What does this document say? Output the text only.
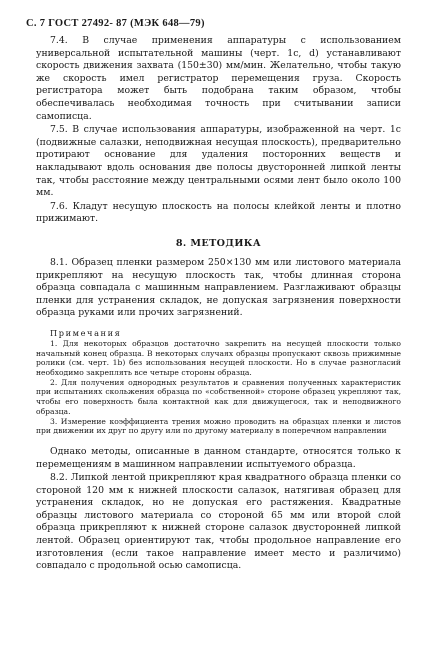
С. 7 ГОСТ 27492- 87 (МЭК 648—79)

7.4. В случае применения аппаратуры с использованием универсальной испытательной машины (черт. 1c, d) устанавливают скорость движения захвата (150±30) мм/мин. Желательно, чтобы такую же скорость имел регистратор перемещения груза. Скорость регистратора может быть подобрана таким образом, чтобы обеспечивалась необходимая точность при считывании записи самописца.

7.5. В случае использования аппаратуры, изображенной на черт. 1c (подвижные салазки, неподвижная несущая плоскость), предварительно протирают основание для удаления посторонних веществ и накладывают вдоль основания две полосы двусторонней липкой ленты так, чтобы расстояние между центральными осями лент было около 100 мм.

7.6. Кладут несущую плоскость на полосы клейкой ленты и плотно прижимают.

8. МЕТОДИКА

8.1. Образец пленки размером 250×130 мм или листового материала прикрепляют на несущую плоскость так, чтобы длинная сторона образца совпадала с машинным направлением. Разглаживают образцы пленки для устранения складок, не допуская загрязнения поверхности образца руками или прочих загрязнений.

Примечания

1. Для некоторых образцов достаточно закрепить на несущей плоскости только начальный конец образца. В некоторых случаях образцы пропускают сквозь прижимные ролики (см. черт. 1b) без использования несущей плоскости. Но в случае разногласий необходимо закреплять все четыре стороны образца.

2. Для получения однородных результатов и сравнения полученных характеристик при испытаниях скольжения образца по «собственной» стороне образец укрепляют так, чтобы его поверхность была контактной как для движущегося, так и неподвижного образца.

3. Измерение коэффициента трения можно проводить на образцах пленки и листов при движении их друг по другу или по другому материалу в поперечном направлении

Однако методы, описанные в данном стандарте, относятся только к перемещениям в машинном направлении испытуемого образца.

8.2. Липкой лентой прикрепляют края квадратного образца пленки со стороной 120 мм к нижней плоскости салазок, натягивая образец для устранения складок, но не допуская его растяжения. Квадратные образцы листового материала со стороной 65 мм или второй слой образца прикрепляют к нижней стороне салазок двусторонней липкой лентой. Образец ориентируют так, чтобы продольное направление его изготовления (если такое направление имеет место и различимо) совпадало с продольной осью самописца.
